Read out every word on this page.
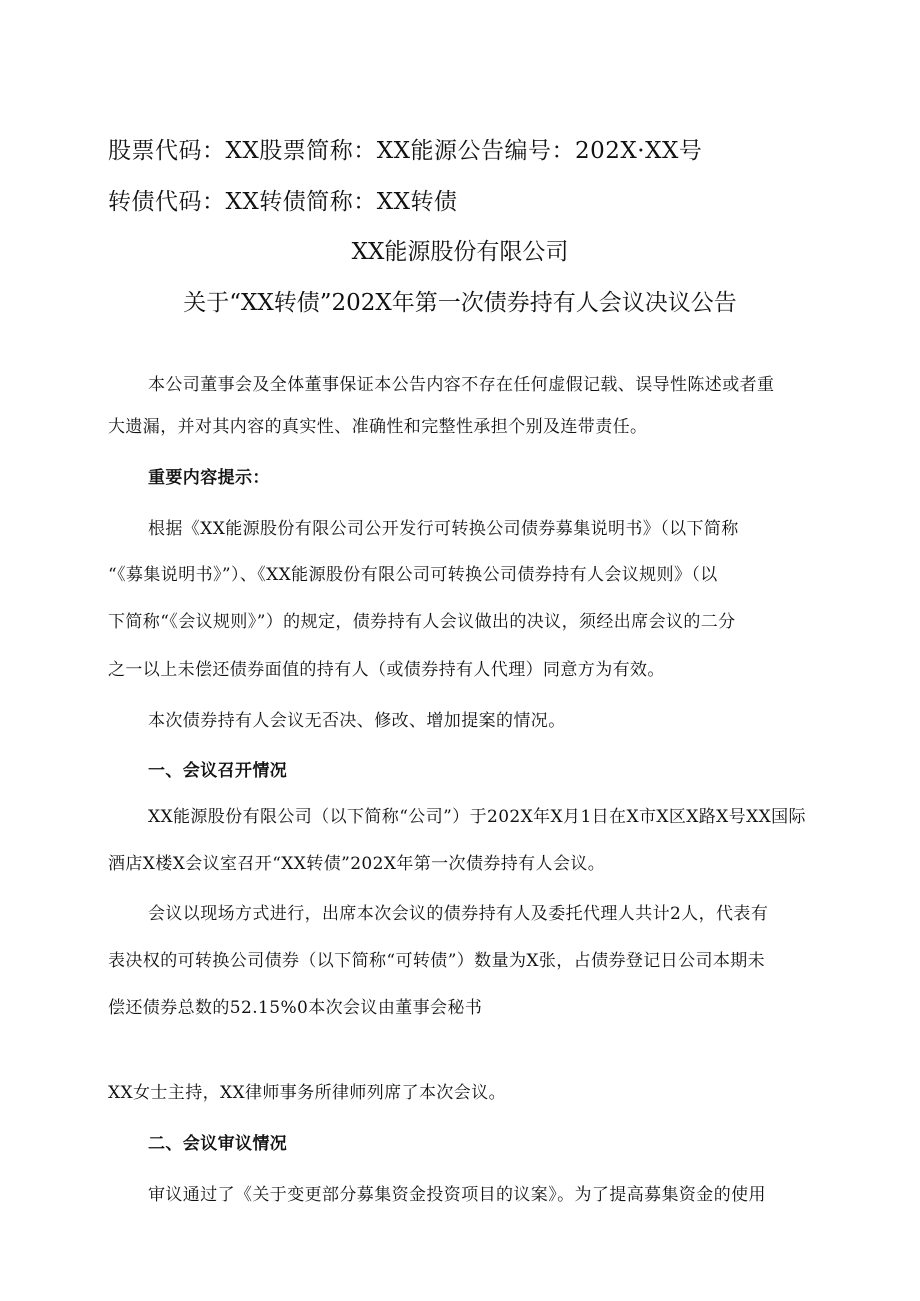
股票代码：XX股票简称：XX能源公告编号：202X·XX号
转债代码：XX转债简称：XX转债
XX能源股份有限公司
关于“XX转债”202X年第一次债券持有人会议决议公告
本公司董事会及全体董事保证本公告内容不存在任何虚假记载、误导性陈述或者重
大遗漏，并对其内容的真实性、准确性和完整性承担个别及连带责任。
重要内容提示：
根据《XX能源股份有限公司公开发行可转换公司债券募集说明书》（以下简称
“《募集说明书》”）、《XX能源股份有限公司可转换公司债券持有人会议规则》（以
下简称“《会议规则》”）的规定，债券持有人会议做出的决议，须经出席会议的二分
之一以上未偿还债券面值的持有人（或债券持有人代理）同意方为有效。
本次债券持有人会议无否决、修改、增加提案的情况。
一、会议召开情况
XX能源股份有限公司（以下简称“公司”）于202X年X月1日在X市X区X路X号XX国际
酒店X楼X会议室召开“XX转债”202X年第一次债券持有人会议。
会议以现场方式进行，出席本次会议的债券持有人及委托代理人共计2人，代表有
表决权的可转换公司债券（以下简称“可转债”）数量为X张，占债券登记日公司本期未
偿还债券总数的52.15%0本次会议由董事会秘书
XX女士主持，XX律师事务所律师列席了本次会议。
二、会议审议情况
审议通过了《关于变更部分募集资金投资项目的议案》。为了提高募集资金的使用
